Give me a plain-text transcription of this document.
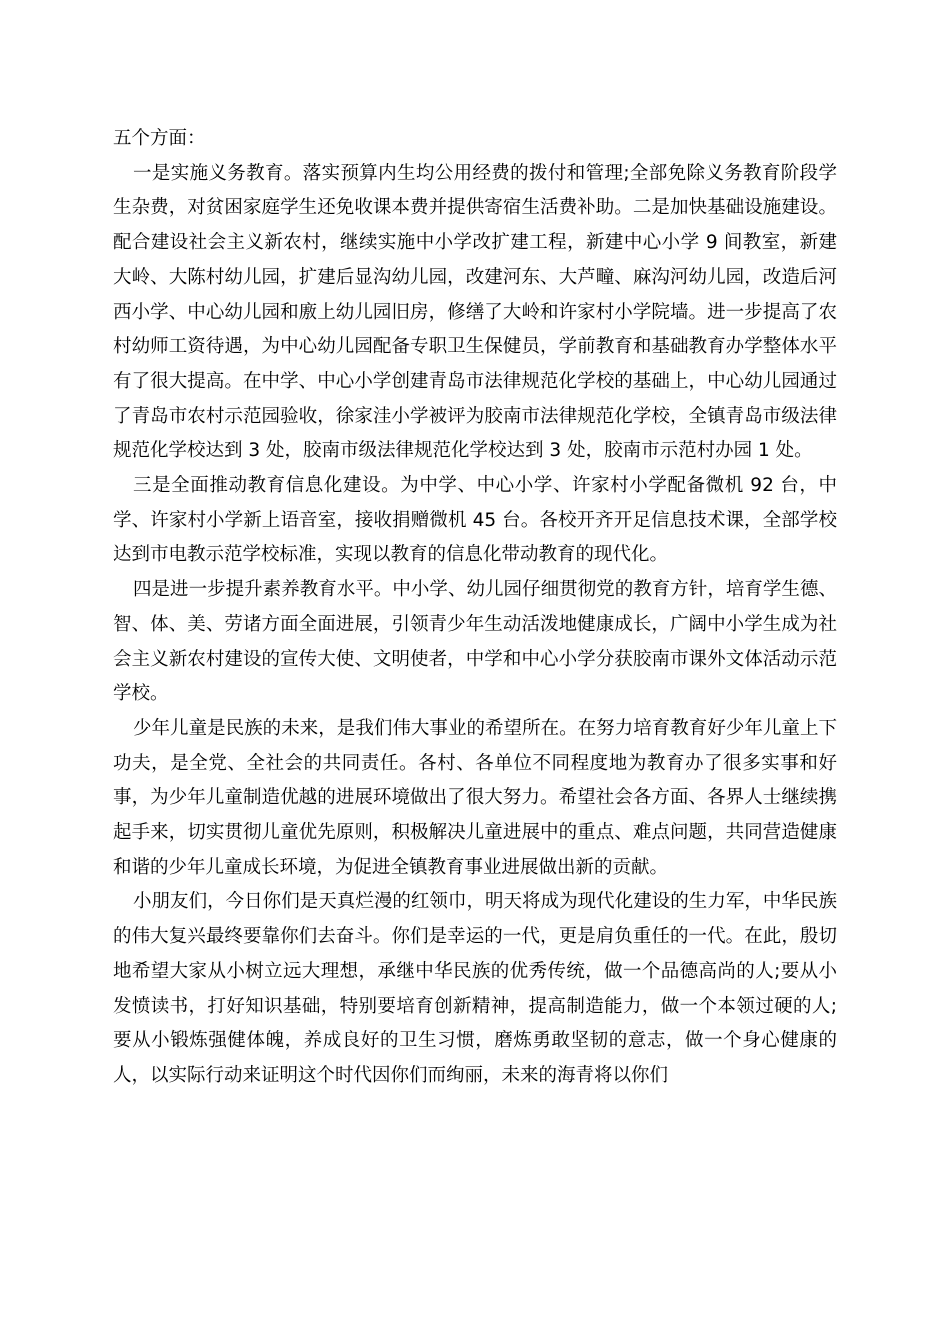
五个方面：

一是实施义务教育。落实预算内生均公用经费的拨付和管理;全部免除义务教育阶段学生杂费，对贫困家庭学生还免收课本费并提供寄宿生活费补助。二是加快基础设施建设。配合建设社会主义新农村，继续实施中小学改扩建工程，新建中心小学 9 间教室，新建大岭、大陈村幼儿园，扩建后显沟幼儿园，改建河东、大芦疃、麻沟河幼儿园，改造后河西小学、中心幼儿园和廒上幼儿园旧房，修缮了大岭和许家村小学院墙。进一步提高了农村幼师工资待遇，为中心幼儿园配备专职卫生保健员，学前教育和基础教育办学整体水平有了很大提高。在中学、中心小学创建青岛市法律规范化学校的基础上，中心幼儿园通过了青岛市农村示范园验收，徐家洼小学被评为胶南市法律规范化学校，全镇青岛市级法律规范化学校达到 3 处，胶南市级法律规范化学校达到 3 处，胶南市示范村办园 1 处。

三是全面推动教育信息化建设。为中学、中心小学、许家村小学配备微机 92 台，中学、许家村小学新上语音室，接收捐赠微机 45 台。各校开齐开足信息技术课，全部学校达到市电教示范学校标准，实现以教育的信息化带动教育的现代化。

四是进一步提升素养教育水平。中小学、幼儿园仔细贯彻党的教育方针，培育学生德、智、体、美、劳诸方面全面进展，引领青少年生动活泼地健康成长，广阔中小学生成为社会主义新农村建设的宣传大使、文明使者，中学和中心小学分获胶南市课外文体活动示范学校。

少年儿童是民族的未来，是我们伟大事业的希望所在。在努力培育教育好少年儿童上下功夫，是全党、全社会的共同责任。各村、各单位不同程度地为教育办了很多实事和好事，为少年儿童制造优越的进展环境做出了很大努力。希望社会各方面、各界人士继续携起手来，切实贯彻儿童优先原则，积极解决儿童进展中的重点、难点问题，共同营造健康和谐的少年儿童成长环境，为促进全镇教育事业进展做出新的贡献。

小朋友们，今日你们是天真烂漫的红领巾，明天将成为现代化建设的生力军，中华民族的伟大复兴最终要靠你们去奋斗。你们是幸运的一代，更是肩负重任的一代。在此，殷切地希望大家从小树立远大理想，承继中华民族的优秀传统，做一个品德高尚的人;要从小发愤读书，打好知识基础，特别要培育创新精神，提高制造能力，做一个本领过硬的人;要从小锻炼强健体魄，养成良好的卫生习惯，磨炼勇敢坚韧的意志，做一个身心健康的人，以实际行动来证明这个时代因你们而绚丽，未来的海青将以你们
